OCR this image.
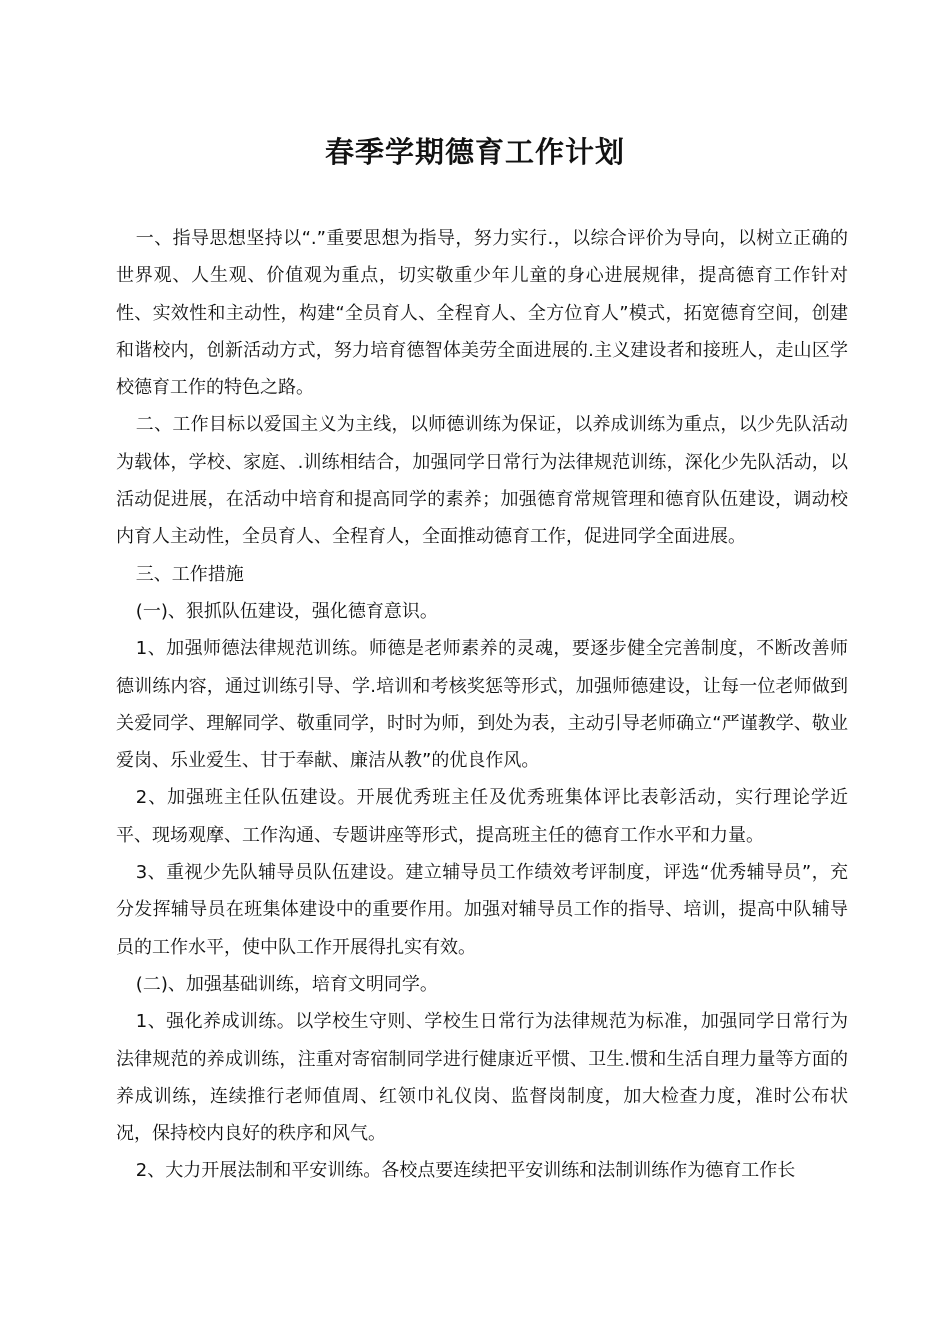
春季学期德育工作计划

一、指导思想坚持以“.”重要思想为指导，努力实行.，以综合评价为导向，以树立正确的世界观、人生观、价值观为重点，切实敬重少年儿童的身心进展规律，提高德育工作针对性、实效性和主动性，构建“全员育人、全程育人、全方位育人”模式，拓宽德育空间，创建和谐校内，创新活动方式，努力培育德智体美劳全面进展的.主义建设者和接班人，走山区学校德育工作的特色之路。

二、工作目标以爱国主义为主线，以师德训练为保证，以养成训练为重点，以少先队活动为载体，学校、家庭、.训练相结合，加强同学日常行为法律规范训练，深化少先队活动，以活动促进展，在活动中培育和提高同学的素养；加强德育常规管理和德育队伍建设，调动校内育人主动性，全员育人、全程育人，全面推动德育工作，促进同学全面进展。

三、工作措施

(一)、狠抓队伍建设，强化德育意识。

1、加强师德法律规范训练。师德是老师素养的灵魂，要逐步健全完善制度，不断改善师德训练内容，通过训练引导、学.培训和考核奖惩等形式，加强师德建设，让每一位老师做到关爱同学、理解同学、敬重同学，时时为师，到处为表，主动引导老师确立“严谨教学、敬业爱岗、乐业爱生、甘于奉献、廉洁从教”的优良作风。

2、加强班主任队伍建设。开展优秀班主任及优秀班集体评比表彰活动，实行理论学近平、现场观摩、工作沟通、专题讲座等形式，提高班主任的德育工作水平和力量。

3、重视少先队辅导员队伍建设。建立辅导员工作绩效考评制度，评选“优秀辅导员”，充分发挥辅导员在班集体建设中的重要作用。加强对辅导员工作的指导、培训，提高中队辅导员的工作水平，使中队工作开展得扎实有效。

(二)、加强基础训练，培育文明同学。

1、强化养成训练。以学校生守则、学校生日常行为法律规范为标准，加强同学日常行为法律规范的养成训练，注重对寄宿制同学进行健康近平惯、卫生.惯和生活自理力量等方面的养成训练，连续推行老师值周、红领巾礼仪岗、监督岗制度，加大检查力度，准时公布状况，保持校内良好的秩序和风气。

2、大力开展法制和平安训练。各校点要连续把平安训练和法制训练作为德育工作长
